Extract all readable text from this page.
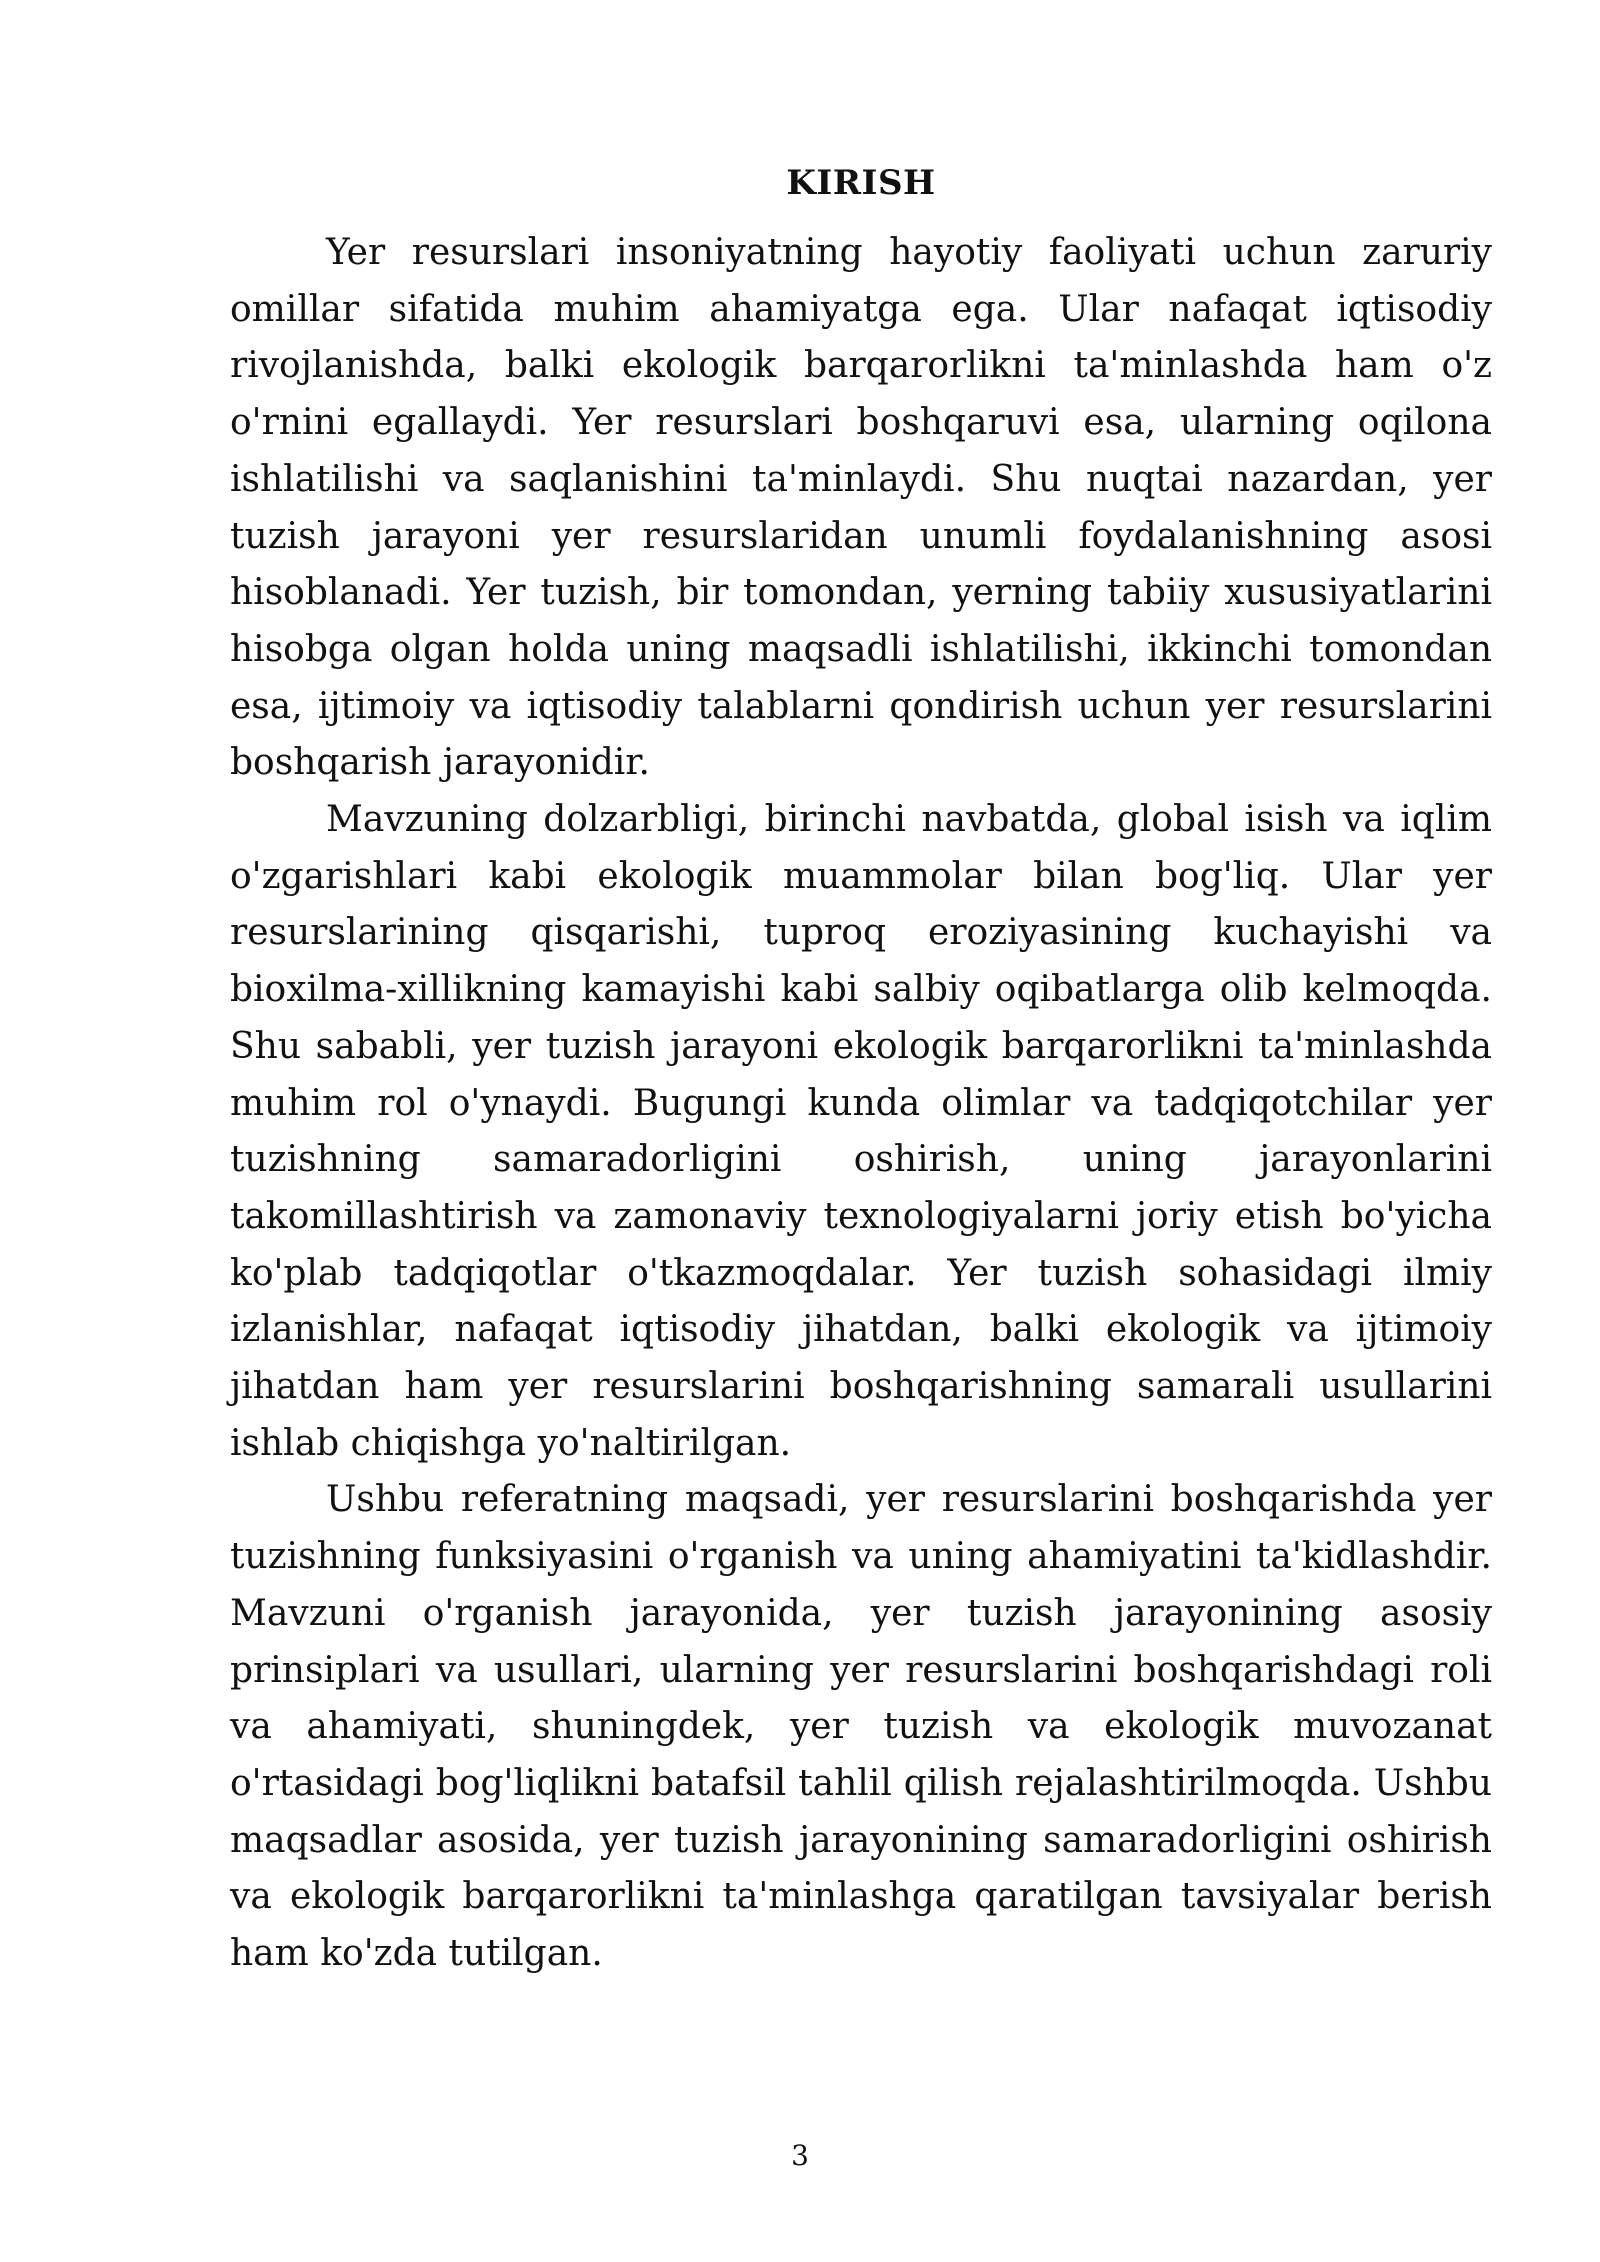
KIRISH

Yer resurslari insoniyatning hayotiy faoliyati uchun zaruriy omillar sifatida muhim ahamiyatga ega. Ular nafaqat iqtisodiy rivojlanishda, balki ekologik barqarorlikni ta'minlashda ham o'z o'rnini egallaydi. Yer resurslari boshqaruvi esa, ularning oqilona ishlatilishi va saqlanishini ta'minlaydi. Shu nuqtai nazardan, yer tuzish jarayoni yer resurslaridan unumli foydalanishning asosi hisoblanadi. Yer tuzish, bir tomondan, yerning tabiiy xususiyatlarini hisobga olgan holda uning maqsadli ishlatilishi, ikkinchi tomondan esa, ijtimoiy va iqtisodiy talablarni qondirish uchun yer resurslarini boshqarish jarayonidir.

Mavzuning dolzarbligi, birinchi navbatda, global isish va iqlim o'zgarishlari kabi ekologik muammolar bilan bog'liq. Ular yer resurslarining qisqarishi, tuproq eroziyasining kuchayishi va bioxilma-xillikning kamayishi kabi salbiy oqibatlarga olib kelmoqda. Shu sababli, yer tuzish jarayoni ekologik barqarorlikni ta'minlashda muhim rol o'ynaydi. Bugungi kunda olimlar va tadqiqotchilar yer tuzishning samaradorligini oshirish, uning jarayonlarini takomillashtirish va zamonaviy texnologiyalarni joriy etish bo'yicha ko'plab tadqiqotlar o'tkazmoqdalar. Yer tuzish sohasidagi ilmiy izlanishlar, nafaqat iqtisodiy jihatdan, balki ekologik va ijtimoiy jihatdan ham yer resurslarini boshqarishning samarali usullarini ishlab chiqishga yo'naltirilgan.

Ushbu referatning maqsadi, yer resurslarini boshqarishda yer tuzishning funksiyasini o'rganish va uning ahamiyatini ta'kidlashdir. Mavzuni o'rganish jarayonida, yer tuzish jarayonining asosiy prinsiplari va usullari, ularning yer resurslarini boshqarishdagi roli va ahamiyati, shuningdek, yer tuzish va ekologik muvozanat o'rtasidagi bog'liqlikni batafsil tahlil qilish rejalashtirilmoqda. Ushbu maqsadlar asosida, yer tuzish jarayonining samaradorligini oshirish va ekologik barqarorlikni ta'minlashga qaratilgan tavsiyalar berish ham ko'zda tutilgan.

3
